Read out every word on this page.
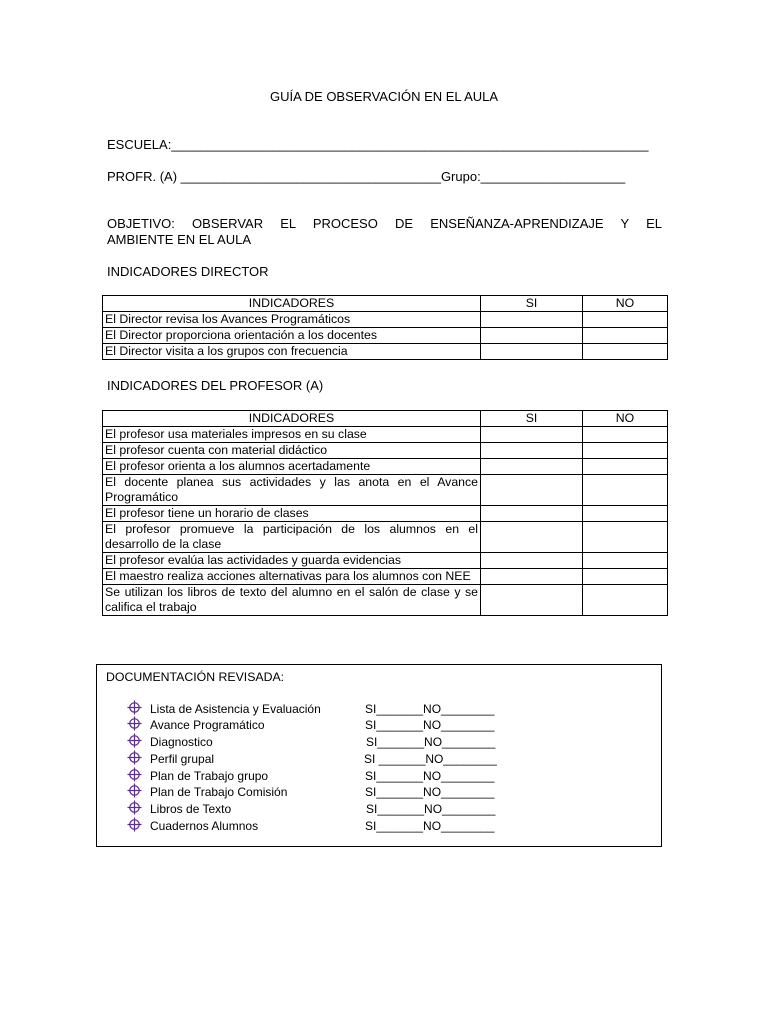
GUÍA DE OBSERVACIÓN EN EL AULA
ESCUELA:__________________________________________________________________
PROFR. (A) ____________________________________Grupo:____________________
OBJETIVO: OBSERVAR EL PROCESO DE ENSEÑANZA-APRENDIZAJE Y EL
AMBIENTE EN EL AULA
INDICADORES DIRECTOR
INDICADORES	SI	NO
El Director revisa los Avances Programáticos		
El Director proporciona orientación a los docentes		
El Director visita a los grupos con frecuencia		
INDICADORES DEL PROFESOR (A)
INDICADORES	SI	NO
El profesor usa materiales impresos en su clase		
El profesor cuenta con material didáctico		
El profesor orienta a los alumnos acertadamente		
El docente planea sus actividades y las anota en el Avance Programático		
El profesor tiene un horario de clases		
El profesor promueve la participación de los alumnos en el desarrollo de la clase		
El profesor evalúa las actividades y guarda evidencias		
El maestro realiza acciones alternativas para los alumnos con NEE		
Se utilizan los libros de texto del alumno en el salón de clase y se califica el trabajo		
DOCUMENTACIÓN REVISADA:
Lista de Asistencia y Evaluación	SI_______NO________
Avance Programático	SI_______NO________
Diagnostico	SI_______NO________
Perfil grupal	SI _______NO________
Plan de Trabajo grupo	SI_______NO________
Plan de Trabajo Comisión	SI_______NO________
Libros de Texto	SI_______NO________
Cuadernos Alumnos	SI_______NO________
